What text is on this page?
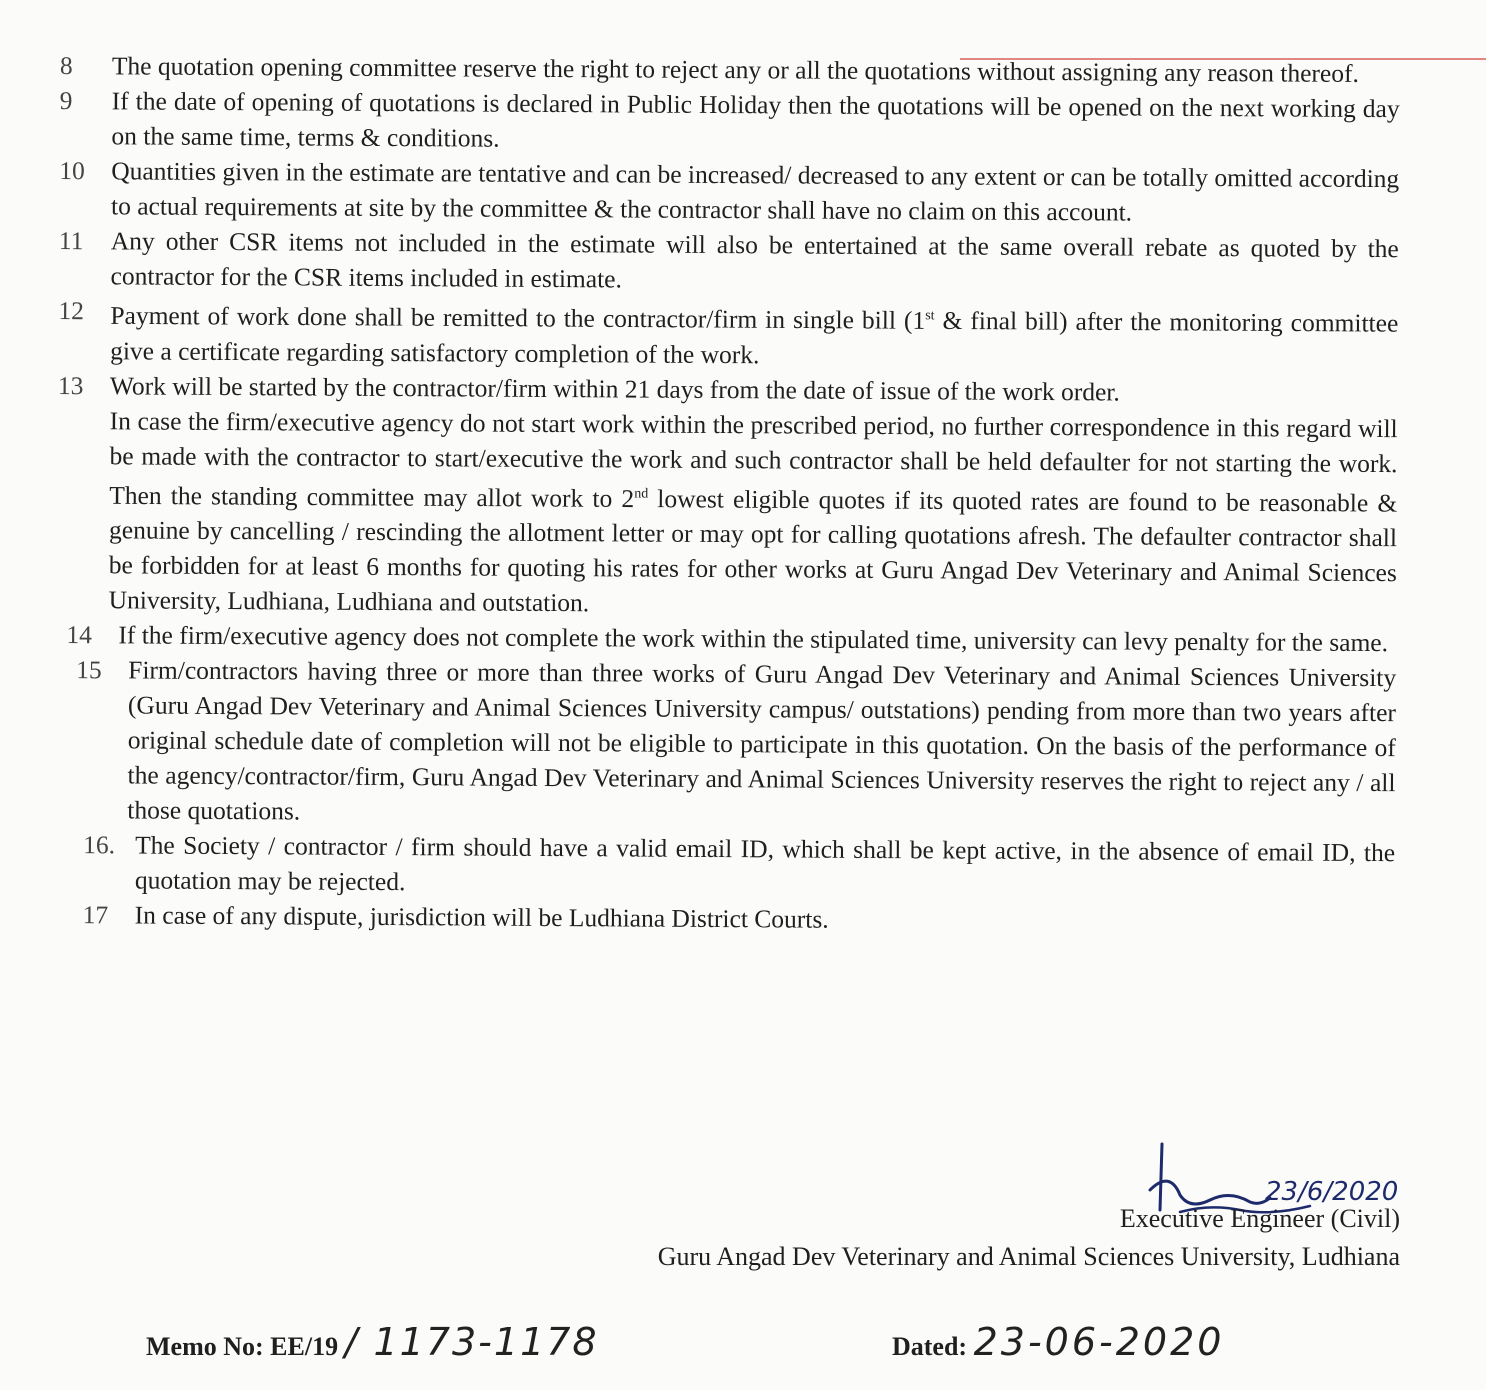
8	The quotation opening committee reserve the right to reject any or all the quotations without assigning any reason thereof.
9	If the date of opening of quotations is declared in Public Holiday then the quotations will be opened on the next working day on the same time, terms & conditions.
10	Quantities given in the estimate are tentative and can be increased/ decreased to any extent or can be totally omitted according to actual requirements at site by the committee & the contractor shall have no claim on this account.
11	Any other CSR items not included in the estimate will also be entertained at the same overall rebate as quoted by the contractor for the CSR items included in estimate.
12	Payment of work done shall be remitted to the contractor/firm in single bill (1st & final bill) after the monitoring committee give a certificate regarding satisfactory completion of the work.
13	Work will be started by the contractor/firm within 21 days from the date of issue of the work order.
In case the firm/executive agency do not start work within the prescribed period, no further correspondence in this regard will be made with the contractor to start/executive the work and such contractor shall be held defaulter for not starting the work. Then the standing committee may allot work to 2nd lowest eligible quotes if its quoted rates are found to be reasonable & genuine by cancelling / rescinding the allotment letter or may opt for calling quotations afresh. The defaulter contractor shall be forbidden for at least 6 months for quoting his rates for other works at Guru Angad Dev Veterinary and Animal Sciences University, Ludhiana, Ludhiana and outstation.
14	If the firm/executive agency does not complete the work within the stipulated time, university can levy penalty for the same.
15	Firm/contractors having three or more than three works of Guru Angad Dev Veterinary and Animal Sciences University (Guru Angad Dev Veterinary and Animal Sciences University campus/ outstations) pending from more than two years after original schedule date of completion will not be eligible to participate in this quotation. On the basis of the performance of the agency/contractor/firm, Guru Angad Dev Veterinary and Animal Sciences University reserves the right to reject any / all those quotations.
16. The Society / contractor / firm should have a valid email ID, which shall be kept active, in the absence of email ID, the quotation may be rejected.
17	In case of any dispute, jurisdiction will be Ludhiana District Courts.
23/6/2020
Executive Engineer (Civil)
Guru Angad Dev Veterinary and Animal Sciences University, Ludhiana
Memo No: EE/19 / 1173-1178	Dated: 23-06-2020
